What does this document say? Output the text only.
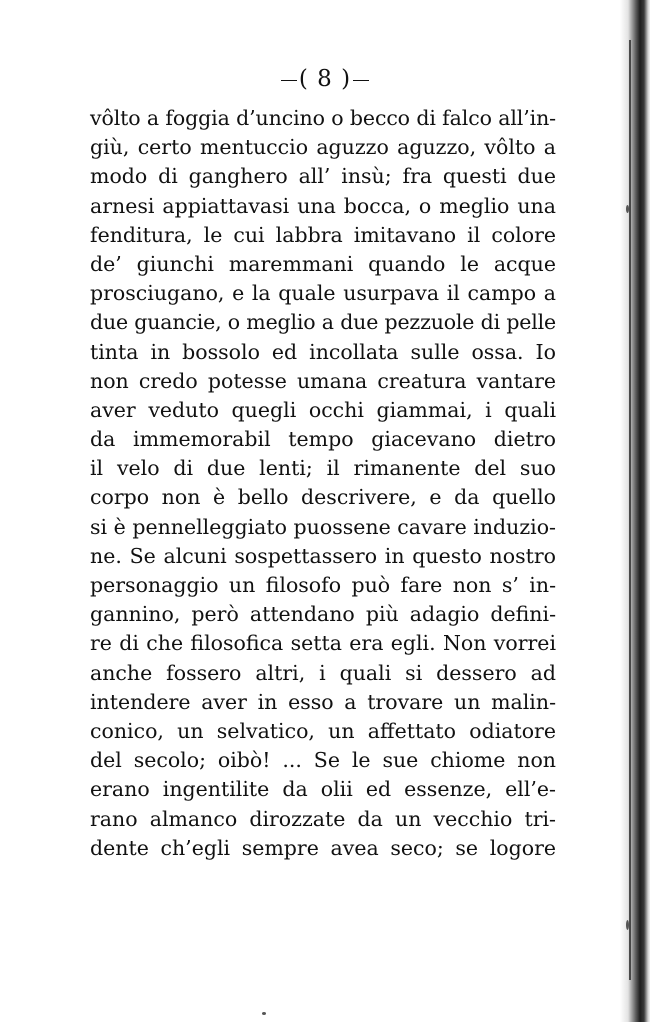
( 8 )
vôlto a foggia d’uncino o becco di falco all’in-
giù, certo mentuccio aguzzo aguzzo, vôlto a
modo di ganghero all’ insù; fra questi due
arnesi appiattavasi una bocca, o meglio una
fenditura, le cui labbra imitavano il colore
de’ giunchi maremmani quando le acque
prosciugano, e la quale usurpava il campo a
due guancie, o meglio a due pezzuole di pelle
tinta in bossolo ed incollata sulle ossa. Io
non credo potesse umana creatura vantare
aver veduto quegli occhi giammai, i quali
da immemorabil tempo giacevano dietro
il velo di due lenti; il rimanente del suo
corpo non è bello descrivere, e da quello
si è pennelleggiato puossene cavare induzio-
ne. Se alcuni sospettassero in questo nostro
personaggio un filosofo può fare non s’ in-
gannino, però attendano più adagio defini-
re di che filosofica setta era egli. Non vorrei
anche fossero altri, i quali si dessero ad
intendere aver in esso a trovare un malin-
conico, un selvatico, un affettato odiatore
del secolo; oibò! ... Se le sue chiome non
erano ingentilite da olii ed essenze, ell’e-
rano almanco dirozzate da un vecchio tri-
dente ch’egli sempre avea seco; se logore
